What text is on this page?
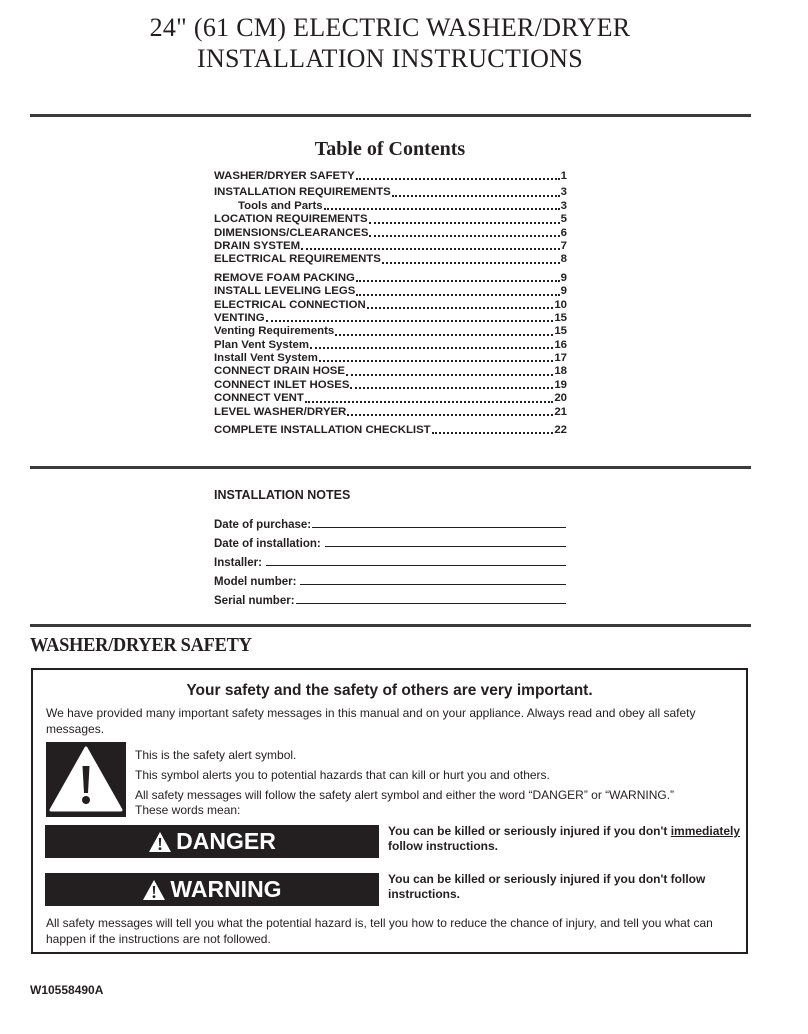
24" (61 CM) ELECTRIC WASHER/DRYER
INSTALLATION INSTRUCTIONS
Table of Contents
WASHER/DRYER SAFETY	1
INSTALLATION REQUIREMENTS	3
Tools and Parts	3
LOCATION REQUIREMENTS	5
DIMENSIONS/CLEARANCES	6
DRAIN SYSTEM	7
ELECTRICAL REQUIREMENTS	8
REMOVE FOAM PACKING	9
INSTALL LEVELING LEGS	9
ELECTRICAL CONNECTION	10
VENTING	15
Venting Requirements	15
Plan Vent System	16
Install Vent System	17
CONNECT DRAIN HOSE	18
CONNECT INLET HOSES	19
CONNECT VENT	20
LEVEL WASHER/DRYER	21
COMPLETE INSTALLATION CHECKLIST	22
INSTALLATION NOTES
Date of purchase:
Date of installation:
Installer:
Model number:
Serial number:
WASHER/DRYER SAFETY
Your safety and the safety of others are very important.
We have provided many important safety messages in this manual and on your appliance. Always read and obey all safety messages.
This is the safety alert symbol.
This symbol alerts you to potential hazards that can kill or hurt you and others.
All safety messages will follow the safety alert symbol and either the word “DANGER” or “WARNING.”
These words mean:
DANGER	You can be killed or seriously injured if you don't immediately
follow instructions.
WARNING	You can be killed or seriously injured if you don't follow instructions.
All safety messages will tell you what the potential hazard is, tell you how to reduce the chance of injury, and tell you what can happen if the instructions are not followed.
W10558490A
